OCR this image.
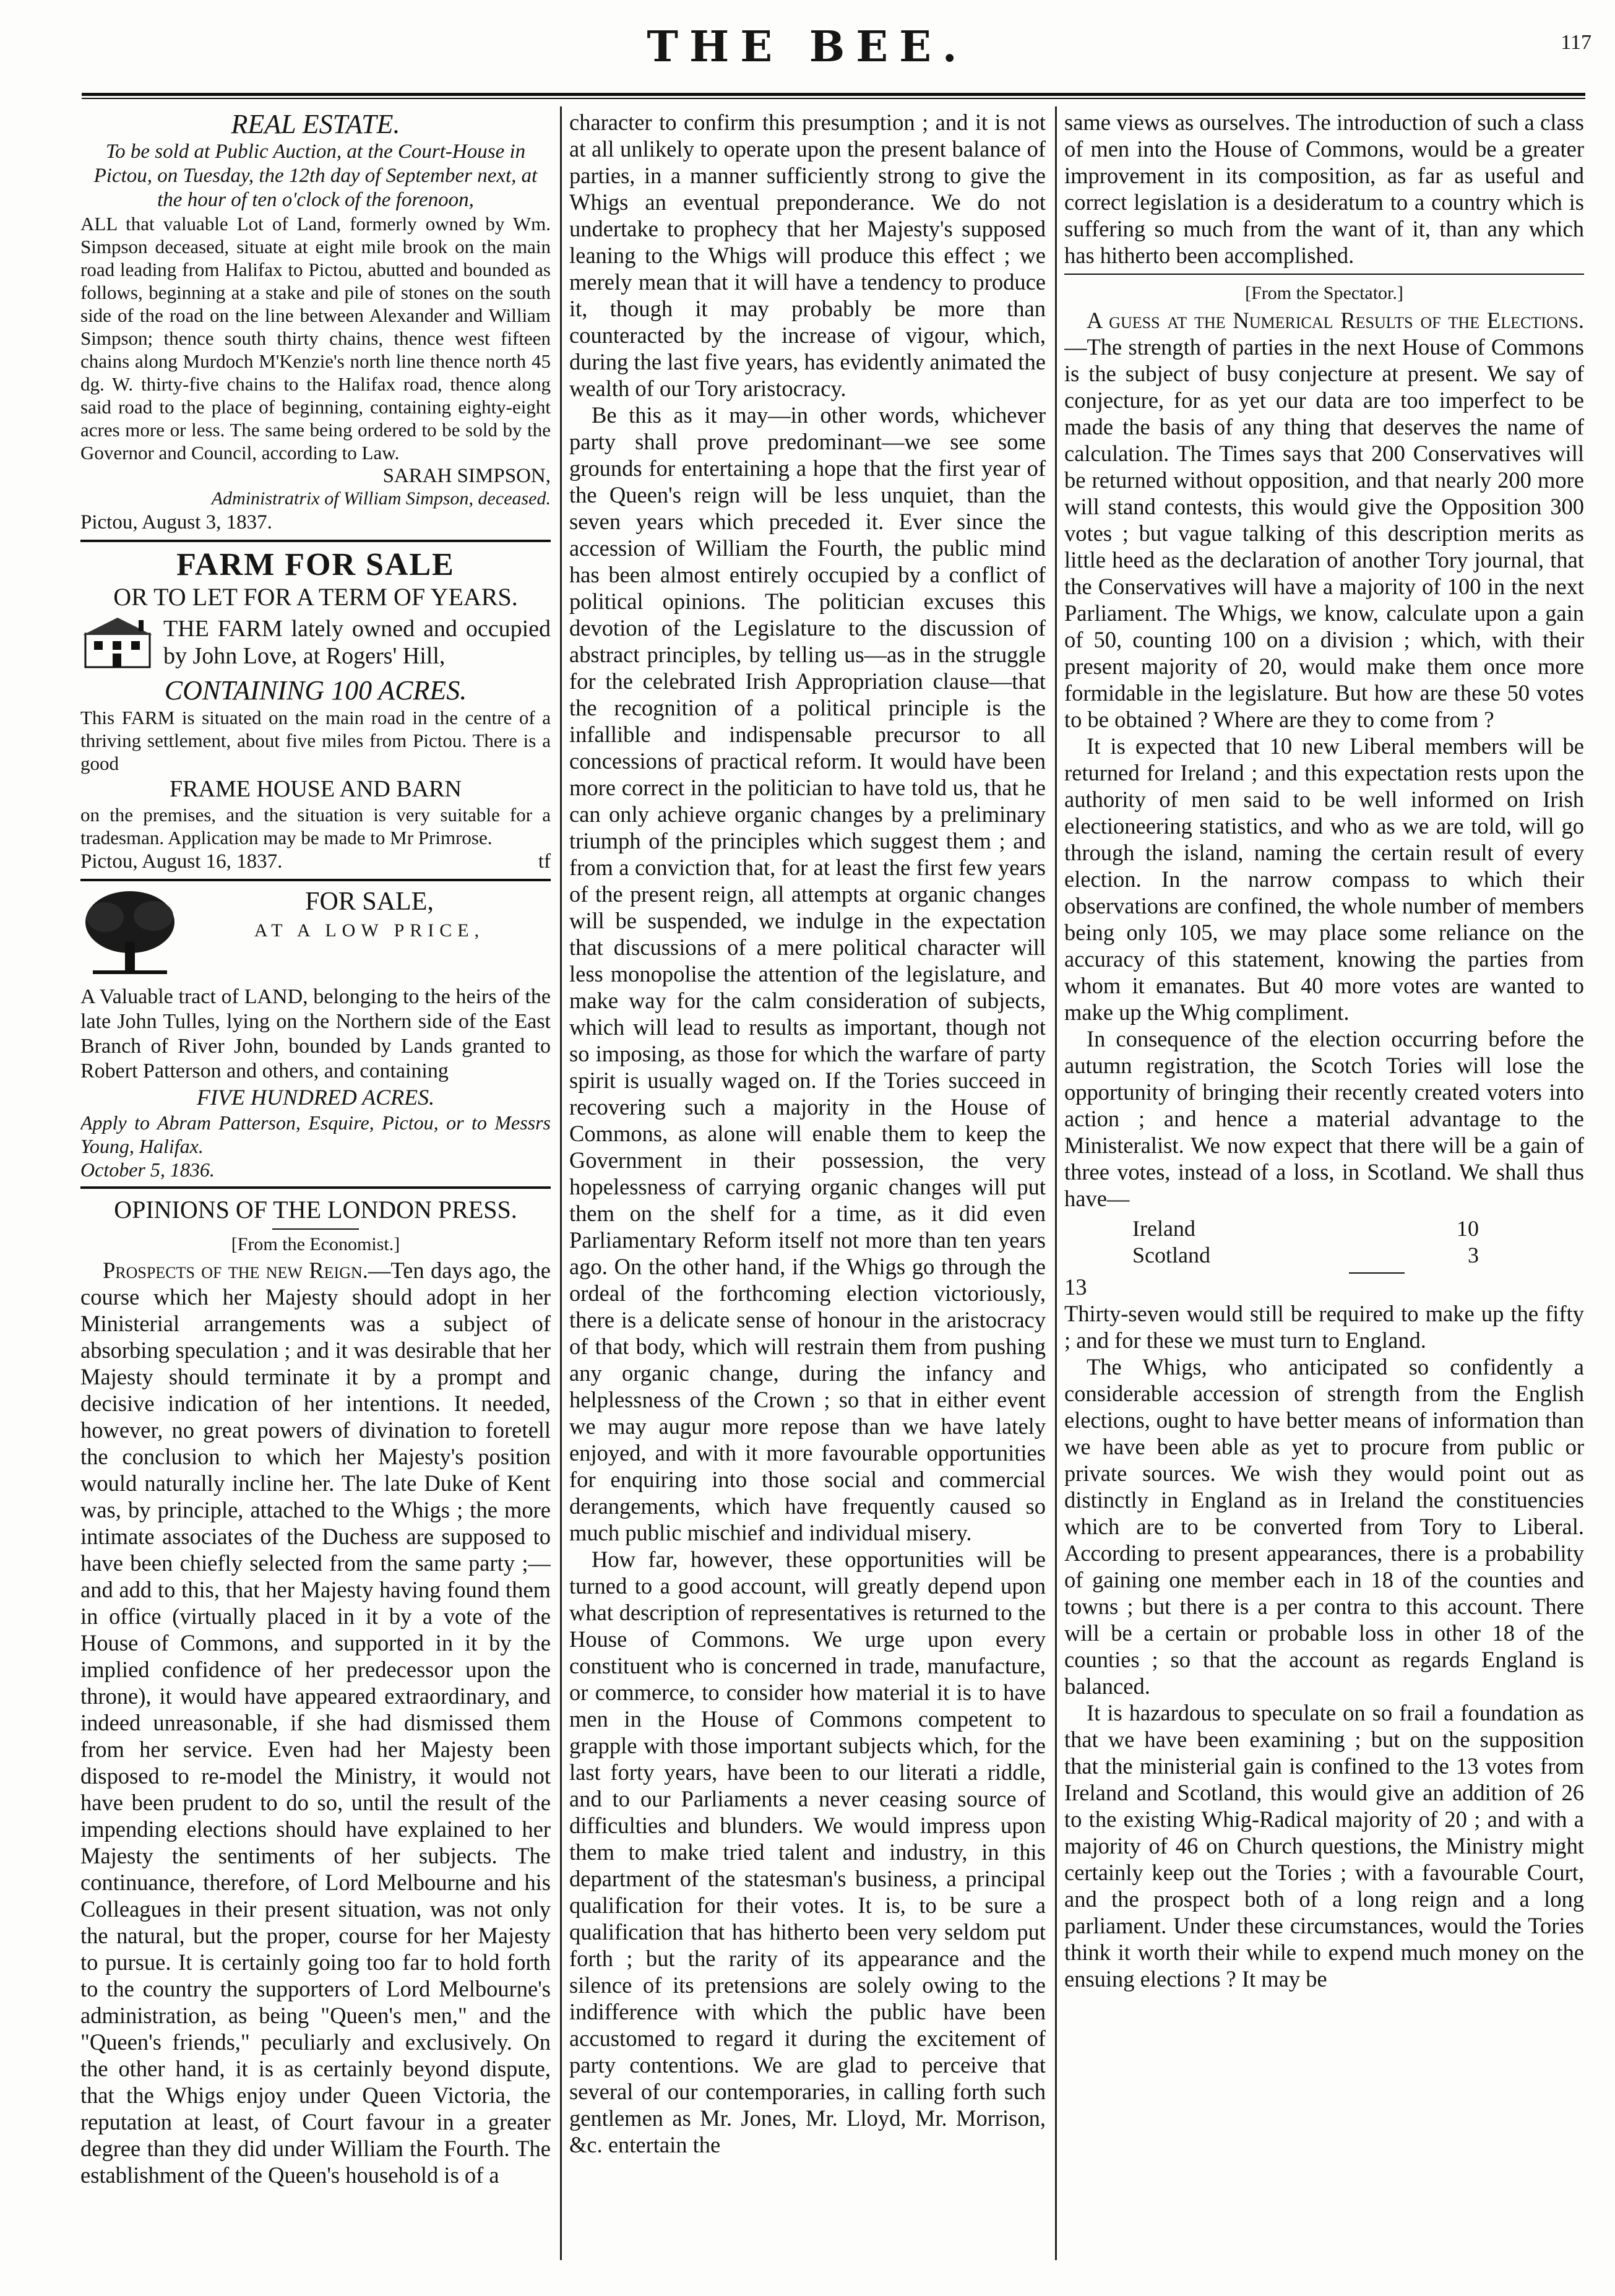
THE BEE.	117

REAL ESTATE.

To be sold at Public Auction, at the Court-House in Pictou, on Tuesday, the 12th day of September next, at the hour of ten o'clock of the forenoon,

ALL that valuable Lot of Land, formerly owned by Wm. Simpson deceased, situate at eight mile brook on the main road leading from Halifax to Pictou, abutted and bounded as follows, beginning at a stake and pile of stones on the south side of the road on the line between Alexander and William Simpson; thence south thirty chains, thence west fifteen chains along Murdoch M'Kenzie's north line thence north 45 dg. W. thirty-five chains to the Halifax road, thence along said road to the place of beginning, containing eighty-eight acres more or less. The same being ordered to be sold by the Governor and Council, according to Law.

SARAH SIMPSON,

Administratrix of William Simpson, deceased.

Pictou, August 3, 1837.

FARM FOR SALE

OR TO LET FOR A TERM OF YEARS.

THE FARM lately owned and occupied by John Love, at Rogers' Hill,

CONTAINING 100 ACRES.

This FARM is situated on the main road in the centre of a thriving settlement, about five miles from Pictou. There is a good

FRAME HOUSE AND BARN

on the premises, and the situation is very suitable for a tradesman. Application may be made to Mr Primrose.

Pictou, August 16, 1837.	tf

FOR SALE,

AT A LOW PRICE,

A Valuable tract of LAND, belonging to the heirs of the late John Tulles, lying on the Northern side of the East Branch of River John, bounded by Lands granted to Robert Patterson and others, and containing

FIVE HUNDRED ACRES.

Apply to Abram Patterson, Esquire, Pictou, or to Messrs Young, Halifax.

October 5, 1836.

OPINIONS OF THE LONDON PRESS.

[From the Economist.]

Prospects of the new Reign.—Ten days ago, the course which her Majesty should adopt in her Ministerial arrangements was a subject of absorbing speculation ; and it was desirable that her Majesty should terminate it by a prompt and decisive indication of her intentions. It needed, however, no great powers of divination to foretell the conclusion to which her Majesty's position would naturally incline her. The late Duke of Kent was, by principle, attached to the Whigs ; the more intimate associates of the Duchess are supposed to have been chiefly selected from the same party ;—and add to this, that her Majesty having found them in office (virtually placed in it by a vote of the House of Commons, and supported in it by the implied confidence of her predecessor upon the throne), it would have appeared extraordinary, and indeed unreasonable, if she had dismissed them from her service. Even had her Majesty been disposed to re-model the Ministry, it would not have been prudent to do so, until the result of the impending elections should have explained to her Majesty the sentiments of her subjects. The continuance, therefore, of Lord Melbourne and his Colleagues in their present situation, was not only the natural, but the proper, course for her Majesty to pursue. It is certainly going too far to hold forth to the country the supporters of Lord Melbourne's administration, as being "Queen's men," and the "Queen's friends," peculiarly and exclusively. On the other hand, it is as certainly beyond dispute, that the Whigs enjoy under Queen Victoria, the reputation at least, of Court favour in a greater degree than they did under William the Fourth. The establishment of the Queen's household is of a

character to confirm this presumption ; and it is not at all unlikely to operate upon the present balance of parties, in a manner sufficiently strong to give the Whigs an eventual preponderance. We do not undertake to prophecy that her Majesty's supposed leaning to the Whigs will produce this effect ; we merely mean that it will have a tendency to produce it, though it may probably be more than counteracted by the increase of vigour, which, during the last five years, has evidently animated the wealth of our Tory aristocracy.

Be this as it may—in other words, whichever party shall prove predominant—we see some grounds for entertaining a hope that the first year of the Queen's reign will be less unquiet, than the seven years which preceded it. Ever since the accession of William the Fourth, the public mind has been almost entirely occupied by a conflict of political opinions. The politician excuses this devotion of the Legislature to the discussion of abstract principles, by telling us—as in the struggle for the celebrated Irish Appropriation clause—that the recognition of a political principle is the infallible and indispensable precursor to all concessions of practical reform. It would have been more correct in the politician to have told us, that he can only achieve organic changes by a preliminary triumph of the principles which suggest them ; and from a conviction that, for at least the first few years of the present reign, all attempts at organic changes will be suspended, we indulge in the expectation that discussions of a mere political character will less monopolise the attention of the legislature, and make way for the calm consideration of subjects, which will lead to results as important, though not so imposing, as those for which the warfare of party spirit is usually waged on. If the Tories succeed in recovering such a majority in the House of Commons, as alone will enable them to keep the Government in their possession, the very hopelessness of carrying organic changes will put them on the shelf for a time, as it did even Parliamentary Reform itself not more than ten years ago. On the other hand, if the Whigs go through the ordeal of the forthcoming election victoriously, there is a delicate sense of honour in the aristocracy of that body, which will restrain them from pushing any organic change, during the infancy and helplessness of the Crown ; so that in either event we may augur more repose than we have lately enjoyed, and with it more favourable opportunities for enquiring into those social and commercial derangements, which have frequently caused so much public mischief and individual misery.

How far, however, these opportunities will be turned to a good account, will greatly depend upon what description of representatives is returned to the House of Commons. We urge upon every constituent who is concerned in trade, manufacture, or commerce, to consider how material it is to have men in the House of Commons competent to grapple with those important subjects which, for the last forty years, have been to our literati a riddle, and to our Parliaments a never ceasing source of difficulties and blunders. We would impress upon them to make tried talent and industry, in this department of the statesman's business, a principal qualification for their votes. It is, to be sure a qualification that has hitherto been very seldom put forth ; but the rarity of its appearance and the silence of its pretensions are solely owing to the indifference with which the public have been accustomed to regard it during the excitement of party contentions. We are glad to perceive that several of our contemporaries, in calling forth such gentlemen as Mr. Jones, Mr. Lloyd, Mr. Morrison, &c. entertain the

same views as ourselves. The introduction of such a class of men into the House of Commons, would be a greater improvement in its composition, as far as useful and correct legislation is a desideratum to a country which is suffering so much from the want of it, than any which has hitherto been accomplished.

[From the Spectator.]

A guess at the Numerical Results of the Elections.—The strength of parties in the next House of Commons is the subject of busy conjecture at present. We say of conjecture, for as yet our data are too imperfect to be made the basis of any thing that deserves the name of calculation. The Times says that 200 Conservatives will be returned without opposition, and that nearly 200 more will stand contests, this would give the Opposition 300 votes ; but vague talking of this description merits as little heed as the declaration of another Tory journal, that the Conservatives will have a majority of 100 in the next Parliament. The Whigs, we know, calculate upon a gain of 50, counting 100 on a division ; which, with their present majority of 20, would make them once more formidable in the legislature. But how are these 50 votes to be obtained ? Where are they to come from ?

It is expected that 10 new Liberal members will be returned for Ireland ; and this expectation rests upon the authority of men said to be well informed on Irish electioneering statistics, and who as we are told, will go through the island, naming the certain result of every election. In the narrow compass to which their observations are confined, the whole number of members being only 105, we may place some reliance on the accuracy of this statement, knowing the parties from whom it emanates. But 40 more votes are wanted to make up the Whig compliment.

In consequence of the election occurring before the autumn registration, the Scotch Tories will lose the opportunity of bringing their recently created voters into action ; and hence a material advantage to the Ministeralist. We now expect that there will be a gain of three votes, instead of a loss, in Scotland. We shall thus have—

Ireland	10
Scotland	3

13

Thirty-seven would still be required to make up the fifty ; and for these we must turn to England.

The Whigs, who anticipated so confidently a considerable accession of strength from the English elections, ought to have better means of information than we have been able as yet to procure from public or private sources. We wish they would point out as distinctly in England as in Ireland the constituencies which are to be converted from Tory to Liberal. According to present appearances, there is a probability of gaining one member each in 18 of the counties and towns ; but there is a per contra to this account. There will be a certain or probable loss in other 18 of the counties ; so that the account as regards England is balanced.

It is hazardous to speculate on so frail a foundation as that we have been examining ; but on the supposition that the ministerial gain is confined to the 13 votes from Ireland and Scotland, this would give an addition of 26 to the existing Whig-Radical majority of 20 ; and with a majority of 46 on Church questions, the Ministry might certainly keep out the Tories ; with a favourable Court, and the prospect both of a long reign and a long parliament. Under these circumstances, would the Tories think it worth their while to expend much money on the ensuing elections ? It may be
